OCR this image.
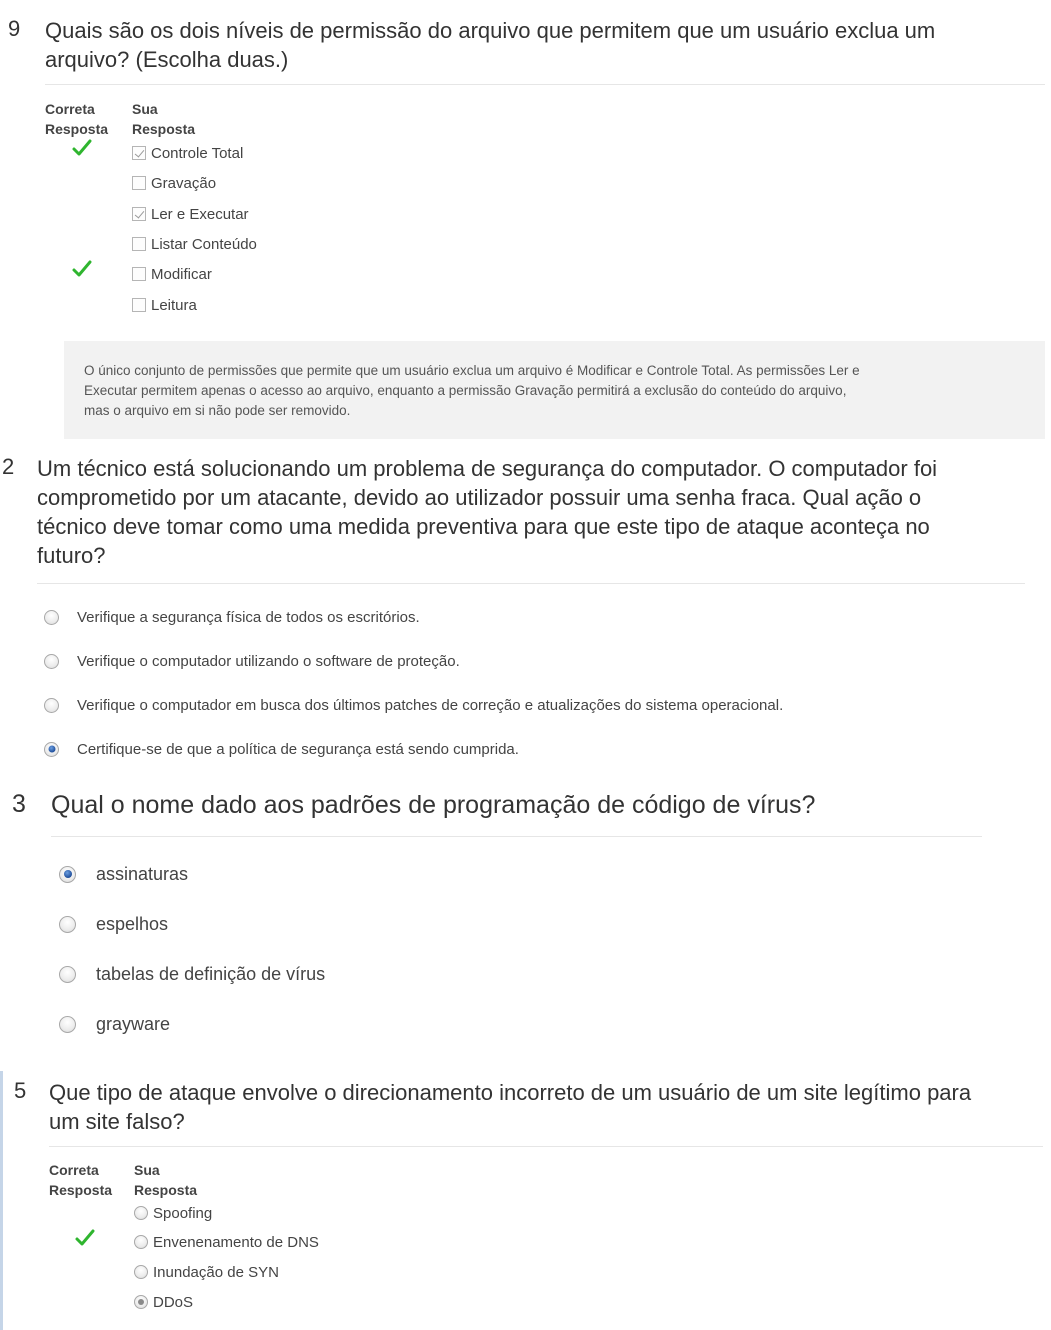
9 Quais são os dois níveis de permissão do arquivo que permitem que um usuário exclua um
arquivo? (Escolha duas.)
Correta
Resposta
Sua
Resposta
Controle Total
Gravação
Ler e Executar
Listar Conteúdo
Modificar
Leitura
O único conjunto de permissões que permite que um usuário exclua um arquivo é Modificar e Controle Total. As permissões Ler e
Executar permitem apenas o acesso ao arquivo, enquanto a permissão Gravação permitirá a exclusão do conteúdo do arquivo,
mas o arquivo em si não pode ser removido.
2 Um técnico está solucionando um problema de segurança do computador. O computador foi
comprometido por um atacante, devido ao utilizador possuir uma senha fraca. Qual ação o
técnico deve tomar como uma medida preventiva para que este tipo de ataque aconteça no
futuro?
Verifique a segurança física de todos os escritórios.
Verifique o computador utilizando o software de proteção.
Verifique o computador em busca dos últimos patches de correção e atualizações do sistema operacional.
Certifique-se de que a política de segurança está sendo cumprida.
3 Qual o nome dado aos padrões de programação de código de vírus?
assinaturas
espelhos
tabelas de definição de vírus
grayware
5 Que tipo de ataque envolve o direcionamento incorreto de um usuário de um site legítimo para
um site falso?
Correta
Resposta
Sua
Resposta
Spoofing
Envenenamento de DNS
Inundação de SYN
DDoS
